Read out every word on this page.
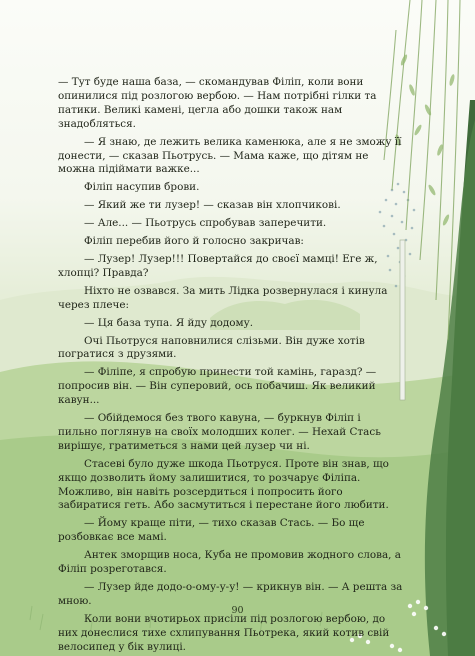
— Тут буде наша база, — скомандував Філіп, коли вони опинилися під розлогою вербою. — Нам потрібні гілки та патики. Великі камені, цегла або дошки також нам знадобляться.

— Я знаю, де лежить велика каменюка, але я не зможу її донести, — сказав Пьотрусь. — Мама каже, що дітям не можна підіймати важке...

Філіп насупив брови.

— Який же ти лузер! — сказав він хлопчикові.

— Але... — Пьотрусь спробував заперечити.

Філіп перебив його й голосно закричав:

— Лузер! Лузер!!! Повертайся до своєї мамці! Еге ж, хлопці? Правда?

Ніхто не озвався. За мить Лідка розвернулася і кинула через плече:

— Ця база тупа. Я йду додому.

Очі Пьотруся наповнилися слізьми. Він дуже хотів погратися з друзями.

— Філіпе, я спробую принести той камінь, гаразд? — попросив він. — Він суперовий, ось побачиш. Як великий кавун...

— Обійдемося без твого кавуна, — буркнув Філіп і пильно поглянув на своїх молодших колег. — Нехай Стась вирішує, гратиметься з нами цей лузер чи ні.

Стасеві було дуже шкода Пьотруся. Проте він знав, що якщо дозволить йому залишитися, то розчарує Філіпа. Можливо, він навіть розсердиться і попросить його забиратися геть. Або засмутиться і перестане його любити.

— Йому краще піти, — тихо сказав Стась. — Бо ще розбовкає все мамі.

Антек зморщив носа, Куба не промовив жодного слова, а Філіп розреготався.

— Лузер йде додо-о-ому-у-у! — крикнув він. — А решта за мною.

Коли вони вчотирьох присіли під розлогою вербою, до них донеслися тихе схлипування Пьотрека, який котив свій велосипед у бік вулиці.

90
